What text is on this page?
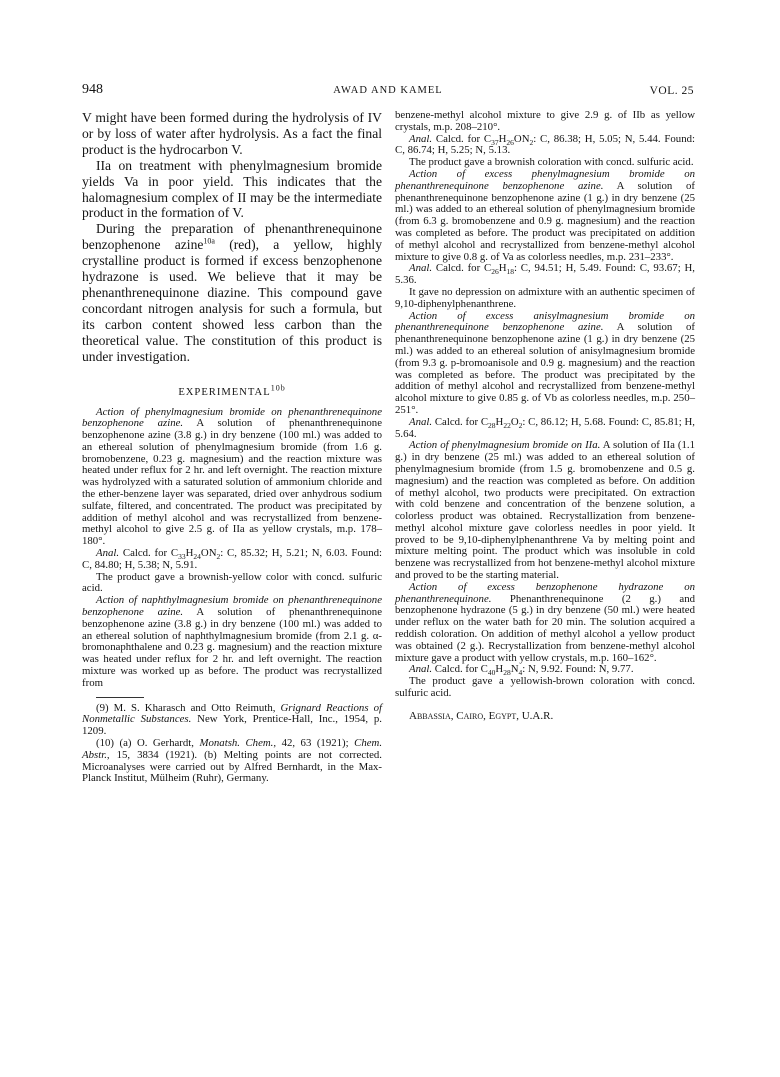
948	AWAD AND KAMEL	VOL. 25

V might have been formed during the hydrolysis of IV or by loss of water after hydrolysis. As a fact the final product is the hydrocarbon V.

IIa on treatment with phenylmagnesium bromide yields Va in poor yield. This indicates that the halomagnesium complex of II may be the intermediate product in the formation of V.

During the preparation of phenanthrenequinone benzophenone azine$^{10a}$ (red), a yellow, highly crystalline product is formed if excess benzophenone hydrazone is used. We believe that it may be phenanthrenequinone diazine. This compound gave concordant nitrogen analysis for such a formula, but its carbon content showed less carbon than the theoretical value. The constitution of this product is under investigation.

$EXPERIMENTAL^{10b}$

Action of phenylmagnesium bromide on phenanthrenequinone benzophenone azine. A solution of phenanthrenequinone benzophenone azine (3.8 g.) in dry benzene (100 ml.) was added to an ethereal solution of phenylmagnesium bromide (from 1.6 g. bromobenzene, 0.23 g. magnesium) and the reaction mixture was heated under reflux for 2 hr. and left overnight. The reaction mixture was hydrolyzed with a saturated solution of ammonium chloride and the ether-benzene layer was separated, dried over anhydrous sodium sulfate, filtered, and concentrated. The product was precipitated by addition of methyl alcohol and was recrystallized from benzene-methyl alcohol to give 2.5 g. of IIa as yellow crystals, m.p. 178–180°.

Anal. Calcd. for $C_{33}H_{24}ON_2$: C, 85.32; H, 5.21; N, 6.03. Found: C, 84.80; H, 5.38; N, 5.91.

The product gave a brownish-yellow color with concd. sulfuric acid.

Action of naphthylmagnesium bromide on phenanthrenequinone benzophenone azine. A solution of phenanthrenequinone benzophenone azine (3.8 g.) in dry benzene (100 ml.) was added to an ethereal solution of naphthylmagnesium bromide (from 2.1 g. α-bromonaphthalene and 0.23 g. magnesium) and the reaction mixture was heated under reflux for 2 hr. and left overnight. The reaction mixture was worked up as before. The product was recrystallized from

(9) M. S. Kharasch and Otto Reimuth, Grignard Reactions of Nonmetallic Substances. New York, Prentice-Hall, Inc., 1954, p. 1209.

(10) (a) O. Gerhardt, Monatsh. Chem., 42, 63 (1921); Chem. Abstr., 15, 3834 (1921). (b) Melting points are not corrected. Microanalyses were carried out by Alfred Bernhardt, in the Max-Planck Institut, Mülheim (Ruhr), Germany.

benzene-methyl alcohol mixture to give 2.9 g. of IIb as yellow crystals, m.p. 208–210°.

Anal. Calcd. for $C_{37}H_{26}ON_2$: C, 86.38; H, 5.05; N, 5.44. Found: C, 86.74; H, 5.25; N, 5.13.

The product gave a brownish coloration with concd. sulfuric acid.

Action of excess phenylmagnesium bromide on phenanthrenequinone benzophenone azine. A solution of phenanthrenequinone benzophenone azine (1 g.) in dry benzene (25 ml.) was added to an ethereal solution of phenylmagnesium bromide (from 6.3 g. bromobenzene and 0.9 g. magnesium) and the reaction was completed as before. The product was precipitated on addition of methyl alcohol and recrystallized from benzene-methyl alcohol mixture to give 0.8 g. of Va as colorless needles, m.p. 231–233°.

Anal. Calcd. for $C_{26}H_{18}$: C, 94.51; H, 5.49. Found: C, 93.67; H, 5.36.

It gave no depression on admixture with an authentic specimen of 9,10-diphenylphenanthrene.

Action of excess anisylmagnesium bromide on phenanthrenequinone benzophenone azine. A solution of phenanthrenequinone benzophenone azine (1 g.) in dry benzene (25 ml.) was added to an ethereal solution of anisylmagnesium bromide (from 9.3 g. p-bromoanisole and 0.9 g. magnesium) and the reaction was completed as before. The product was precipitated by the addition of methyl alcohol and recrystallized from benzene-methyl alcohol mixture to give 0.85 g. of Vb as colorless needles, m.p. 250–251°.

Anal. Calcd. for $C_{28}H_{22}O_2$: C, 86.12; H, 5.68. Found: C, 85.81; H, 5.64.

Action of phenylmagnesium bromide on IIa. A solution of IIa (1.1 g.) in dry benzene (25 ml.) was added to an ethereal solution of phenylmagnesium bromide (from 1.5 g. bromobenzene and 0.5 g. magnesium) and the reaction was completed as before. On addition of methyl alcohol, two products were precipitated. On extraction with cold benzene and concentration of the benzene solution, a colorless product was obtained. Recrystallization from benzene-methyl alcohol mixture gave colorless needles in poor yield. It proved to be 9,10-diphenylphenanthrene Va by melting point and mixture melting point. The product which was insoluble in cold benzene was recrystallized from hot benzene-methyl alcohol mixture and proved to be the starting material.

Action of excess benzophenone hydrazone on phenanthrenequinone. Phenanthrenequinone (2 g.) and benzophenone hydrazone (5 g.) in dry benzene (50 ml.) were heated under reflux on the water bath for 20 min. The solution acquired a reddish coloration. On addition of methyl alcohol a yellow product was obtained (2 g.). Recrystallization from benzene-methyl alcohol mixture gave a product with yellow crystals, m.p. 160–162°.

Anal. Calcd. for $C_{40}H_{28}N_4$: N, 9.92. Found: N, 9.77.

The product gave a yellowish-brown coloration with concd. sulfuric acid.

Abbassia, Cairo, Egypt, U.A.R.
